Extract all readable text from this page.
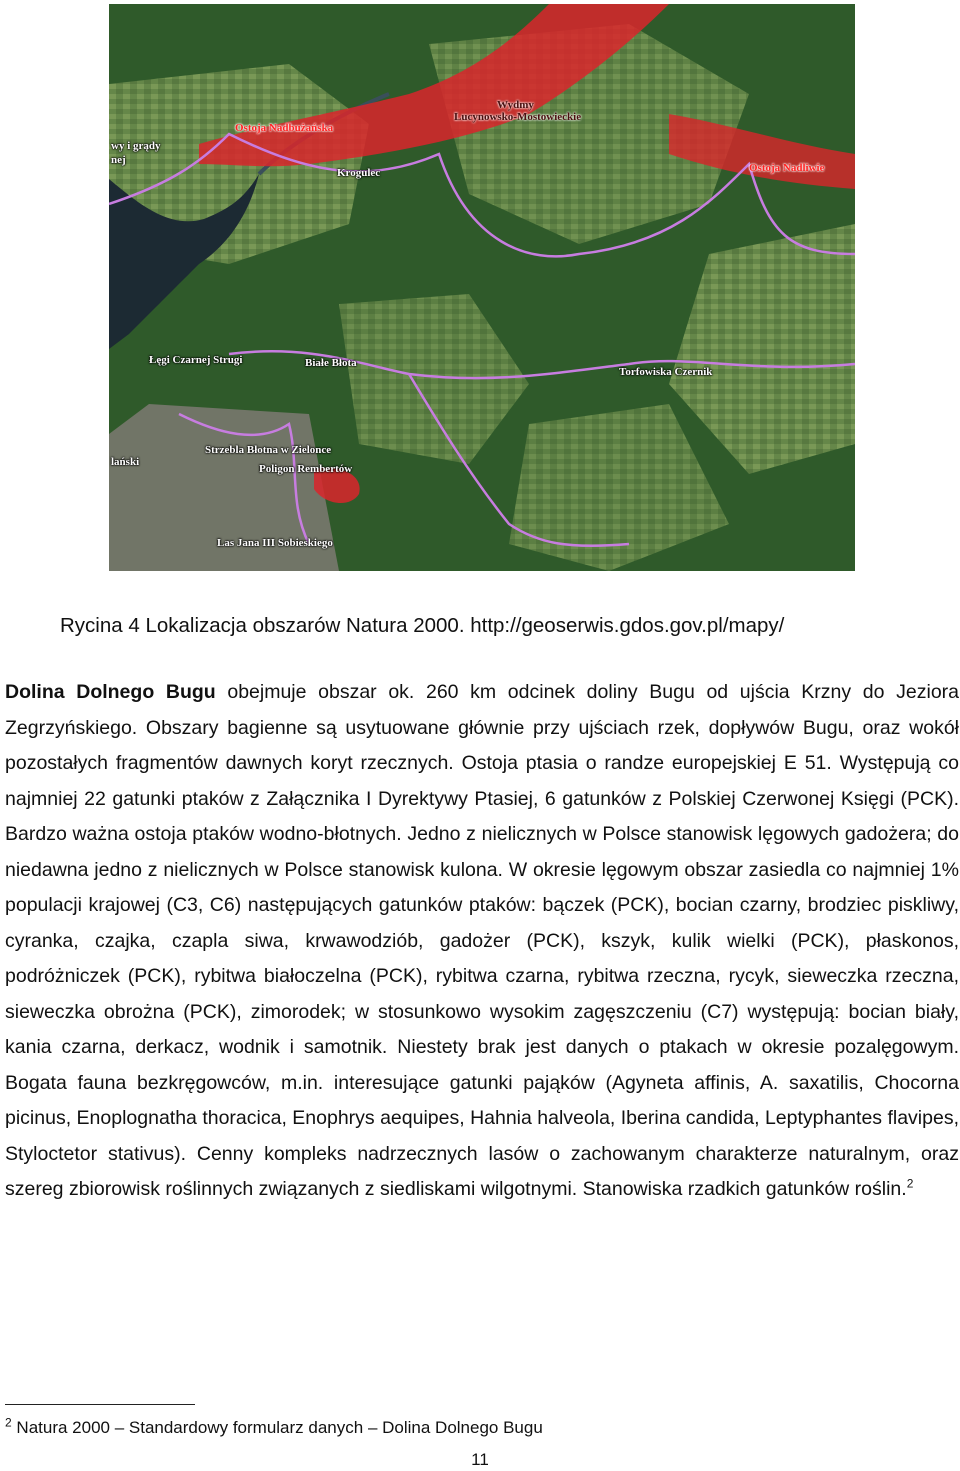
Ostoja Nadbużańska
Wydmy
Lucynowsko-Mostowieckie
Ostoja Nadliwie
wy i grądy
nej
Krogulec
Łęgi Czarnej Strugi	Białe Błota
Torfowiska Czernik
lański
Strzebla Błotna w Zielonce
Poligon Rembertów
Las Jana III Sobieskiego
Rycina 4 Lokalizacja obszarów Natura 2000. http://geoserwis.gdos.gov.pl/mapy/
Dolina Dolnego Bugu obejmuje obszar ok. 260 km odcinek doliny Bugu od ujścia Krzny do Jeziora Zegrzyńskiego. Obszary bagienne są usytuowane głównie przy ujściach rzek, dopływów Bugu, oraz wokół pozostałych fragmentów dawnych koryt rzecznych. Ostoja ptasia o randze europejskiej E 51. Występują co najmniej 22 gatunki ptaków z Załącznika I Dyrektywy Ptasiej, 6 gatunków z Polskiej Czerwonej Księgi (PCK). Bardzo ważna ostoja ptaków wodno-błotnych. Jedno z nielicznych w Polsce stanowisk lęgowych gadożera; do niedawna jedno z nielicznych w Polsce stanowisk kulona. W okresie lęgowym obszar zasiedla co najmniej 1% populacji krajowej (C3, C6) następujących gatunków ptaków: bączek (PCK), bocian czarny, brodziec piskliwy, cyranka, czajka, czapla siwa, krwawodziób, gadożer (PCK), kszyk, kulik wielki (PCK), płaskonos, podróżniczek (PCK), rybitwa białoczelna (PCK), rybitwa czarna, rybitwa rzeczna, rycyk, sieweczka rzeczna, sieweczka obrożna (PCK), zimorodek; w stosunkowo wysokim zagęszczeniu (C7) występują: bocian biały, kania czarna, derkacz, wodnik i samotnik. Niestety brak jest danych o ptakach w okresie pozalęgowym. Bogata fauna bezkręgowców, m.in. interesujące gatunki pająków (Agyneta affinis, A. saxatilis, Chocorna picinus, Enoplognatha thoracica, Enophrys aequipes, Hahnia halveola, Iberina candida, Leptyphantes flavipes, Styloctetor stativus). Cenny kompleks nadrzecznych lasów o zachowanym charakterze naturalnym, oraz szereg zbiorowisk roślinnych związanych z siedliskami wilgotnymi. Stanowiska rzadkich gatunków roślin.$^2$
$^2$ Natura 2000 – Standardowy formularz danych – Dolina Dolnego Bugu
11
